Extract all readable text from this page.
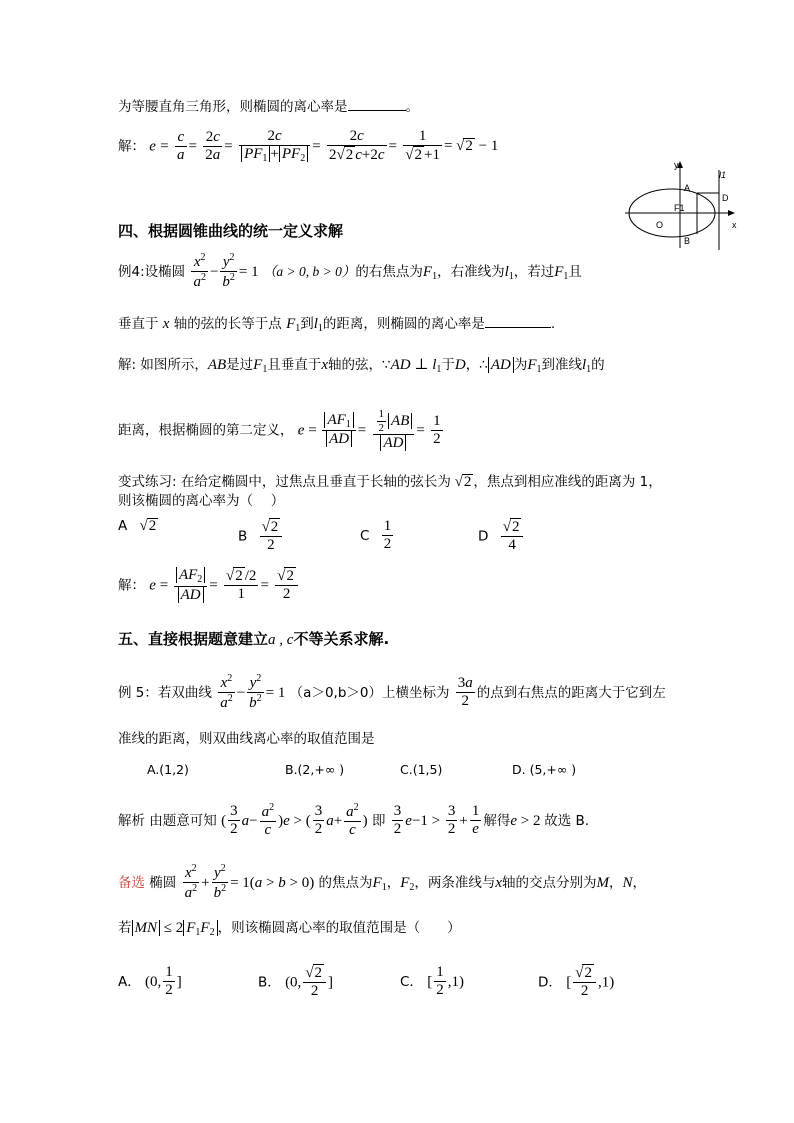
为等腰直角三角形，则椭圆的离心率是	。
解： $e = \frac{c}{a} = \frac{2c}{2a} = \frac{2c}{PF_1 + PF_2} = \frac{2c}{2√2 c+2c} = \frac{1}{√2 +1} = √2 - 1$
y
x
l1
A
B
D
O
F1
四、根据圆锥曲线的统一定义求解
例4:设椭圆 $\frac{x^2}{a^2} - \frac{y^2}{b^2} = 1$ （a > 0, b > 0）的右焦点为$F_1$，右准线为$l_1$，若过$F_1$且
垂直于 x 轴的弦的长等于点 $F_1$到$l_1$的距离，则椭圆的离心率是	.
解: 如图所示，AB是过$F_1$且垂直于x轴的弦，∵AD ⊥ $l_1$于D，∴ AD 为$F_1$到准线$l_1$的
距离，根据椭圆的第二定义， $e = \frac{AF_1}{AD} = \frac{\frac{1}{2} AB}{AD} = \frac{1}{2}$
变式练习: 在给定椭圆中，过焦点且垂直于长轴的弦长为 √2 ，焦点到相应准线的距离为 1，
则该椭圆的离心率为（　 ）
A √2
B $\frac{√2}{2}$	C $\frac{1}{2}$	D $\frac{√2}{4}$
解： $e = \frac{AF_2}{AD} = \frac{√2 /2}{1} = \frac{√2}{2}$
五、直接根据题意建立a , c不等关系求解.
例 5：若双曲线 $\frac{x^2}{a^2} - \frac{y^2}{b^2} = 1$ （a＞0,b＞0）上横坐标为 $\frac{3a}{2}$ 的点到右焦点的距离大于它到左
准线的距离，则双曲线离心率的取值范围是
A.(1,2)	B.(2,+∞ )	C.(1,5)	D. (5,+∞ )
解析 由题意可知 ( $\frac{3}{2} a- \frac{a^2}{c} )e$ > ( $\frac{3}{2} a+ \frac{a^2}{c}$ ) 即 $\frac{3}{2} e-1 > \frac{3}{2} + \frac{1}{e}$ 解得e > 2 故选 B.
备选 椭圆 $\frac{x^2}{a^2} + \frac{y^2}{b^2} = 1(a > b > 0)$ 的焦点为$F_1$，$F_2$，两条准线与x轴的交点分别为M，N，
若 MN ≤ 2 $F_1F_2$ ，则该椭圆离心率的取值范围是（　　）
A． (0, $\frac{1}{2}$ ]	B． (0, $\frac{√2}{2}$ ]	C． [ $\frac{1}{2} ,1$)	D． [ $\frac{√2}{2} ,1$)
